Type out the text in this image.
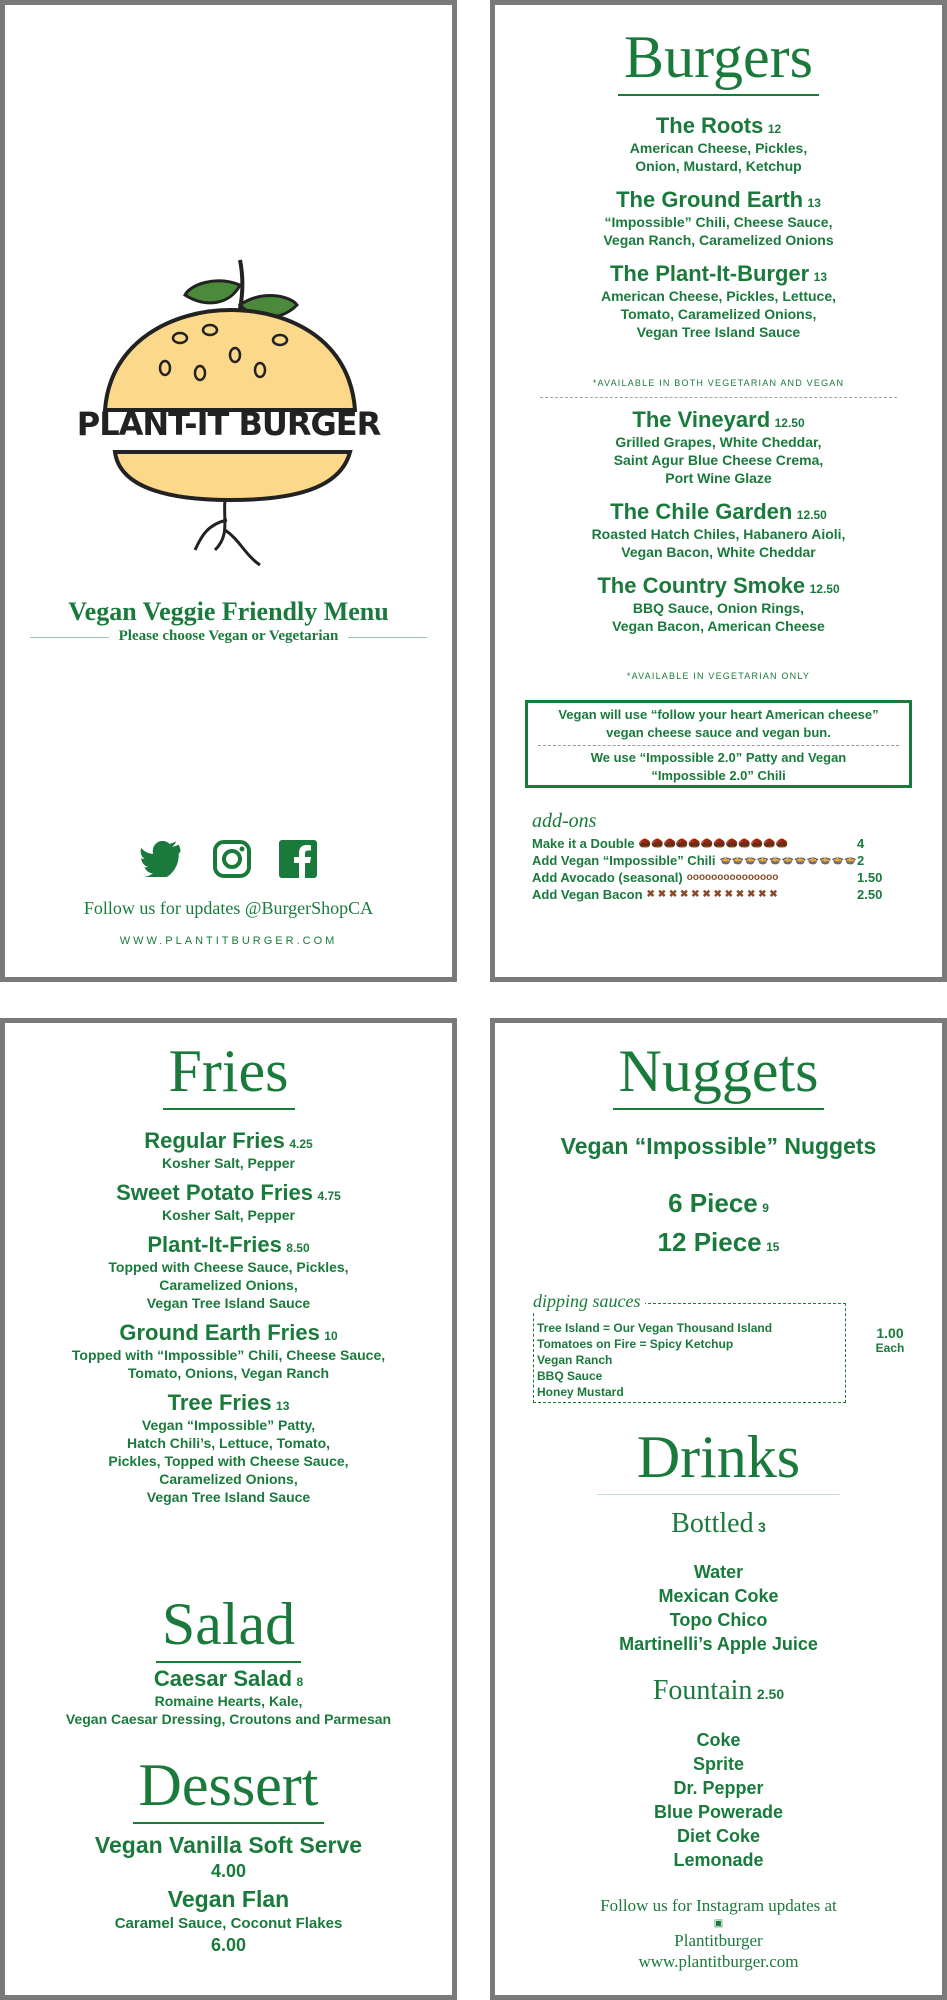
PLANT-IT BURGER
Vegan Veggie Friendly Menu
Please choose Vegan or Vegetarian

Follow us for updates @BurgerShopCA
WWW.PLANTITBURGER.COM
Burgers
The Roots 12
American Cheese, Pickles,
Onion, Mustard, Ketchup
The Ground Earth 13
“Impossible” Chili, Cheese Sauce,
Vegan Ranch, Caramelized Onions
The Plant-It-Burger 13
American Cheese, Pickles, Lettuce,
Tomato, Caramelized Onions,
Vegan Tree Island Sauce
*AVAILABLE IN BOTH VEGETARIAN AND VEGAN
The Vineyard 12.50
Grilled Grapes, White Cheddar,
Saint Agur Blue Cheese Crema,
Port Wine Glaze
The Chile Garden 12.50
Roasted Hatch Chiles, Habanero Aioli,
Vegan Bacon, White Cheddar
The Country Smoke 12.50
BBQ Sauce, Onion Rings,
Vegan Bacon, American Cheese
*AVAILABLE IN VEGETARIAN ONLY
Vegan will use “follow your heart American cheese”
vegan cheese sauce and vegan bun.
We use “Impossible 2.0” Patty and Vegan
“Impossible 2.0” Chili
add-ons
Make it a Double 🌰🌰🌰🌰🌰🌰🌰🌰🌰🌰🌰🌰	4
Add Vegan “Impossible” Chili 🍲🍲🍲🍲🍲🍲🍲🍲🍲🍲🍲 2
Add Avocado (seasonal) ooooooooooooooo	1.50
Add Vegan Bacon ✖ ✖ ✖ ✖ ✖ ✖ ✖ ✖ ✖ ✖ ✖ ✖	2.50
Fries
Regular Fries 4.25
Kosher Salt, Pepper
Sweet Potato Fries 4.75
Kosher Salt, Pepper
Plant-It-Fries 8.50
Topped with Cheese Sauce, Pickles,
Caramelized Onions,
Vegan Tree Island Sauce
Ground Earth Fries 10
Topped with “Impossible” Chili, Cheese Sauce,
Tomato, Onions, Vegan Ranch
Tree Fries 13
Vegan “Impossible” Patty,
Hatch Chili’s, Lettuce, Tomato,
Pickles, Topped with Cheese Sauce,
Caramelized Onions,
Vegan Tree Island Sauce
Salad
Caesar Salad 8
Romaine Hearts, Kale,
Vegan Caesar Dressing, Croutons and Parmesan
Dessert
Vegan Vanilla Soft Serve
4.00
Vegan Flan
Caramel Sauce, Coconut Flakes
6.00
Nuggets
Vegan “Impossible” Nuggets
6 Piece 9
12 Piece 15
dipping sauces
Tree Island = Our Vegan Thousand Island
Tomatoes on Fire = Spicy Ketchup
Vegan Ranch
BBQ Sauce
Honey Mustard
1.00
Each
Drinks
Bottled 3
Water
Mexican Coke
Topo Chico
Martinelli’s Apple Juice
Fountain 2.50
Coke
Sprite
Dr. Pepper
Blue Powerade
Diet Coke
Lemonade
Follow us for Instagram updates at
▣
Plantitburger
www.plantitburger.com
